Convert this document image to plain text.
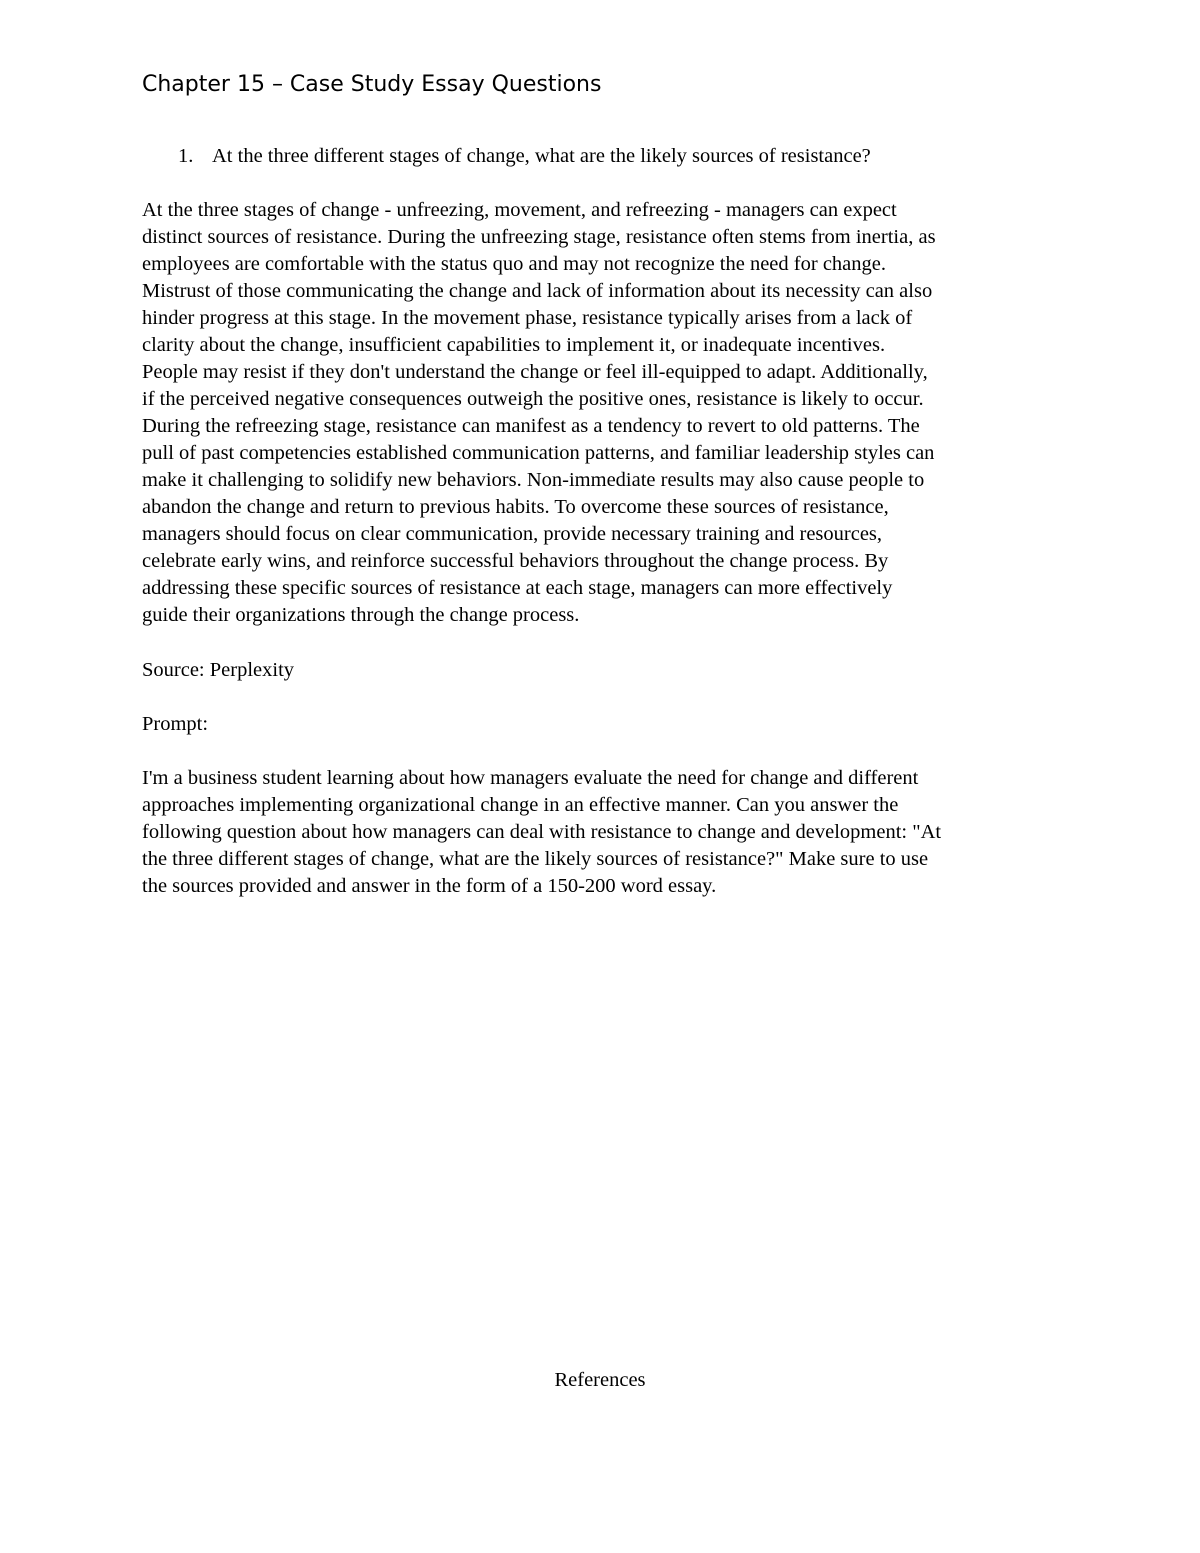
Chapter 15 – Case Study Essay Questions
1. At the three different stages of change, what are the likely sources of resistance?
At the three stages of change - unfreezing, movement, and refreezing - managers can expect
distinct sources of resistance. During the unfreezing stage, resistance often stems from inertia, as
employees are comfortable with the status quo and may not recognize the need for change.
Mistrust of those communicating the change and lack of information about its necessity can also
hinder progress at this stage. In the movement phase, resistance typically arises from a lack of
clarity about the change, insufficient capabilities to implement it, or inadequate incentives.
People may resist if they don't understand the change or feel ill-equipped to adapt. Additionally,
if the perceived negative consequences outweigh the positive ones, resistance is likely to occur.
During the refreezing stage, resistance can manifest as a tendency to revert to old patterns. The
pull of past competencies established communication patterns, and familiar leadership styles can
make it challenging to solidify new behaviors. Non-immediate results may also cause people to
abandon the change and return to previous habits. To overcome these sources of resistance,
managers should focus on clear communication, provide necessary training and resources,
celebrate early wins, and reinforce successful behaviors throughout the change process. By
addressing these specific sources of resistance at each stage, managers can more effectively
guide their organizations through the change process.
Source: Perplexity
Prompt:
I'm a business student learning about how managers evaluate the need for change and different
approaches implementing organizational change in an effective manner. Can you answer the
following question about how managers can deal with resistance to change and development: "At
the three different stages of change, what are the likely sources of resistance?" Make sure to use
the sources provided and answer in the form of a 150-200 word essay.
References
